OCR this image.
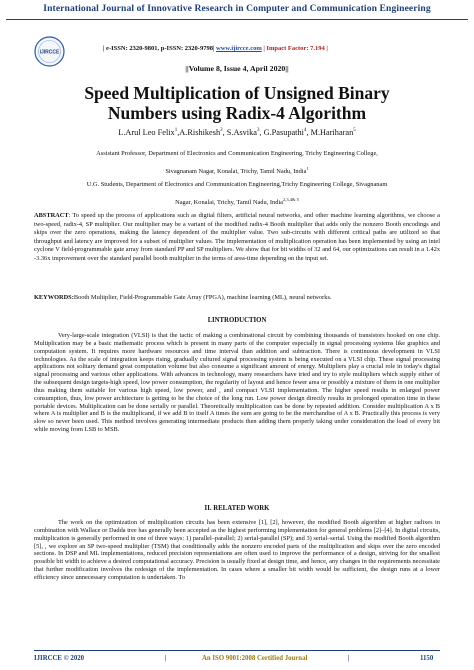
International Journal of Innovative Research in Computer and Communication Engineering
IJIRCCE
| e-ISSN: 2320-9801, p-ISSN: 2320-9798| www.ijircce.com | Impact Factor: 7.194 |
||Volume 8, Issue 4, April 2020||
Speed Multiplication of Unsigned Binary
Numbers using Radix-4 Algorithm
L.Arul Leo Felix$^1$,A.Rishikesh$^2$, S.Asvika$^3$, G.Pasupathi$^4$, M.Hariharan$^5$
Assistant Professor, Department of Electronics and Communication Engineering, Trichy Engineering College,
Sivagnanam Nagar, Konalai, Trichy, Tamil Nadu, India$^1$
U.G. Students, Department of Electronics and Communication Engineering,Trichy Engineering College, Sivagnanam
Nagar, Konalai, Trichy, Tamil Nadu, India$^{2,3,4\& 5}$
ABSTRACT: To speed up the process of applications such as digital filters, artificial neural networks, and other machine learning algorithms, we choose a two-speed, radix-4, SP multiplier. Our multiplier may be a variant of the modified radix-4 Booth multiplier that adds only the nonzero Booth encodings and skips over the zero operations, making the latency dependent of the multiplier value. Two sub-circuits with different critical paths are utilized so that throughput and latency are improved for a subset of multiplier values. The implementation of multiplication operation has been implemented by using an intel cyclone V field-programmable gate array from standard PP and SP multipliers. We show that for bit widths of 32 and 64, our optimizations can result in a 1.42x -3.36x improvement over the standard parallel booth multiplier in the terms of area-time depending on the input set.
KEYWORDS:Booth Multiplier, Field-Programmable Gate Array (FPGA), machine learning (ML), neural networks.
I.INTRODUCTION
Very-large-scale integration (VLSI) is that the tactic of making a combinational circuit by combining thousands of transistors hooked on one chip. Multiplication may be a basic mathematic process which is present in many parts of the computer especially in signal processing systems like graphics and computation system. It requires more hardware resources and time interval than addition and subtraction. There is continuous development in VLSI technologies. As the scale of integration keeps rising, gradually cultured signal processing system is being executed on a VLSI chip. These signal processing applications not solitary demand great computation volume but also consume a significant amount of energy. Multipliers play a crucial role in today's digital signal processing and various other applications. With advances in technology, many researchers have tried and try to style multipliers which supply either of the subsequent design targets-high speed, low power consumption, the regularity of layout and hence fewer area or possibly a mixture of them in one multiplier thus making them suitable for various high speed, low power, and , and compact VLSI implementation. The higher speed results in enlarged power consumption, thus, low power architecture is getting to be the choice of the long run. Low power design directly results in prolonged operation time in these portable devices. Multiplication can be done serially or parallel. Theoretically multiplication can be done by repeated addition. Consider multiplication A x B where A is multiplier and B is the multiplicand, if we add B to itself A times the sum are going to be the merchandise of A x B. Practically this process is very slow so never been used. This method involves generating intermediate products then adding them properly taking under consideration the load of every bit while moving from LSB to MSB.
II. RELATED WORK
The work on the optimization of multiplication circuits has been extensive [1], [2], however, the modified Booth algorithm at higher radixes in combination with Wallace or Dadda tree has generally been accepted as the highest performing implementation for general problems [2]–[4]. In digital circuits, multiplication is generally performed in one of three ways: 1) parallel–parallel; 2) serial-parallel (SP); and 3) serial–serial. Using the modified Booth algorithm [5], , we explore an SP two-speed multiplier (TSM) that conditionally adds the nonzero encoded parts of the multiplication and skips over the zero encoded sections. In DSP and ML implementations, reduced precision representations are often used to improve the performance of a design, striving for the smallest possible bit width to achieve a desired computational accuracy. Precision is usually fixed at design time, and hence, any changes in the requirements necessitate that further modification involves the redesign of the implementation. In cases where a smaller bit width would be sufficient, the design runs at a lower efficiency since unnecessary computation is undertaken. To
IJIRCCE © 2020	|	An ISO 9001:2008 Certified Journal	|	1150
